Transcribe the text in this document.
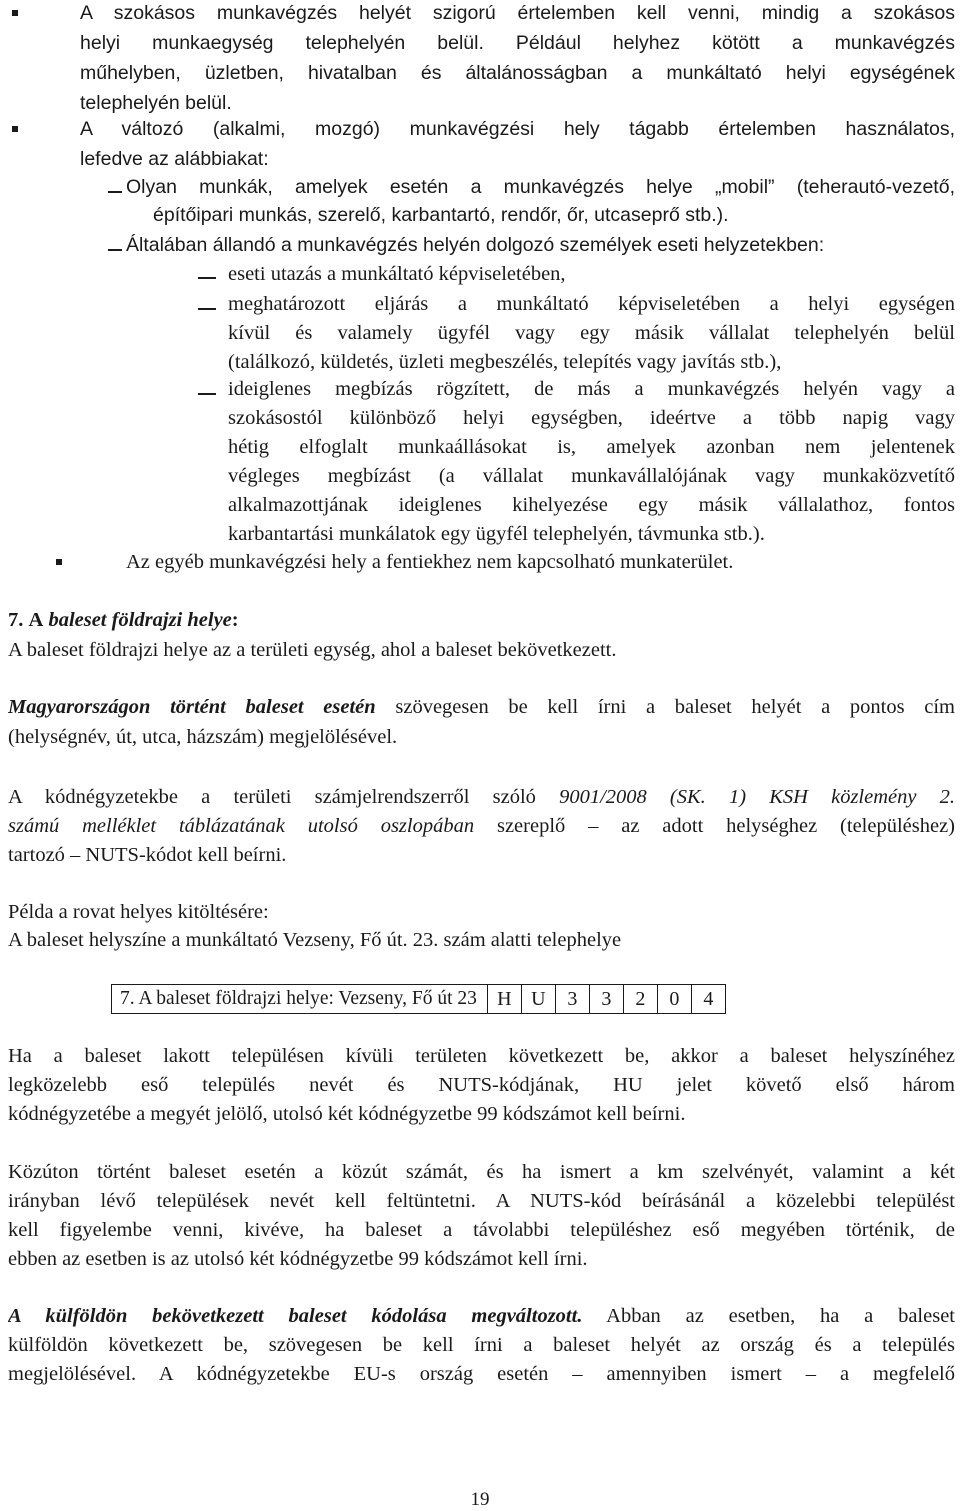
A szokásos munkavégzés helyét szigorú értelemben kell venni, mindig a szokásos
helyi munkaegység telephelyén belül. Például helyhez kötött a munkavégzés
műhelyben, üzletben, hivatalban és általánosságban a munkáltató helyi egységének
telephelyén belül.
A változó (alkalmi, mozgó) munkavégzési hely tágabb értelemben használatos,
lefedve az alábbiakat:
Olyan munkák, amelyek esetén a munkavégzés helye „mobil” (teherautó-vezető,
építőipari munkás, szerelő, karbantartó, rendőr, őr, utcaseprő stb.).
Általában állandó a munkavégzés helyén dolgozó személyek eseti helyzetekben:
eseti utazás a munkáltató képviseletében,
meghatározott eljárás a munkáltató képviseletében a helyi egységen
kívül és valamely ügyfél vagy egy másik vállalat telephelyén belül
(találkozó, küldetés, üzleti megbeszélés, telepítés vagy javítás stb.),
ideiglenes megbízás rögzített, de más a munkavégzés helyén vagy a
szokásostól különböző helyi egységben, ideértve a több napig vagy
hétig elfoglalt munkaállásokat is, amelyek azonban nem jelentenek
végleges megbízást (a vállalat munkavállalójának vagy munkaközvetítő
alkalmazottjának ideiglenes kihelyezése egy másik vállalathoz, fontos
karbantartási munkálatok egy ügyfél telephelyén, távmunka stb.).
Az egyéb munkavégzési hely a fentiekhez nem kapcsolható munkaterület.
7. A baleset földrajzi helye:
A baleset földrajzi helye az a területi egység, ahol a baleset bekövetkezett.
Magyarországon történt baleset esetén szövegesen be kell írni a baleset helyét a pontos cím
(helységnév, út, utca, házszám) megjelölésével.
A kódnégyzetekbe a területi számjelrendszerről szóló 9001/2008 (SK. 1) KSH közlemény 2.
számú melléklet táblázatának utolsó oszlopában szereplő – az adott helységhez (településhez)
tartozó – NUTS-kódot kell beírni.
Példa a rovat helyes kitöltésére:
A baleset helyszíne a munkáltató Vezseny, Fő út. 23. szám alatti telephelye
7. A baleset földrajzi helye: Vezseny, Fő út 23	H	U	3	3	2	0	4
Ha a baleset lakott településen kívüli területen következett be, akkor a baleset helyszínéhez
legközelebb eső település nevét és NUTS-kódjának, HU jelet követő első három
kódnégyzetébe a megyét jelölő, utolsó két kódnégyzetbe 99 kódszámot kell beírni.
Közúton történt baleset esetén a közút számát, és ha ismert a km szelvényét, valamint a két
irányban lévő települések nevét kell feltüntetni. A NUTS-kód beírásánál a közelebbi települést
kell figyelembe venni, kivéve, ha baleset a távolabbi településhez eső megyében történik, de
ebben az esetben is az utolsó két kódnégyzetbe 99 kódszámot kell írni.
A külföldön bekövetkezett baleset kódolása megváltozott. Abban az esetben, ha a baleset
külföldön következett be, szövegesen be kell írni a baleset helyét az ország és a település
megjelölésével. A kódnégyzetekbe EU-s ország esetén – amennyiben ismert – a megfelelő
19
